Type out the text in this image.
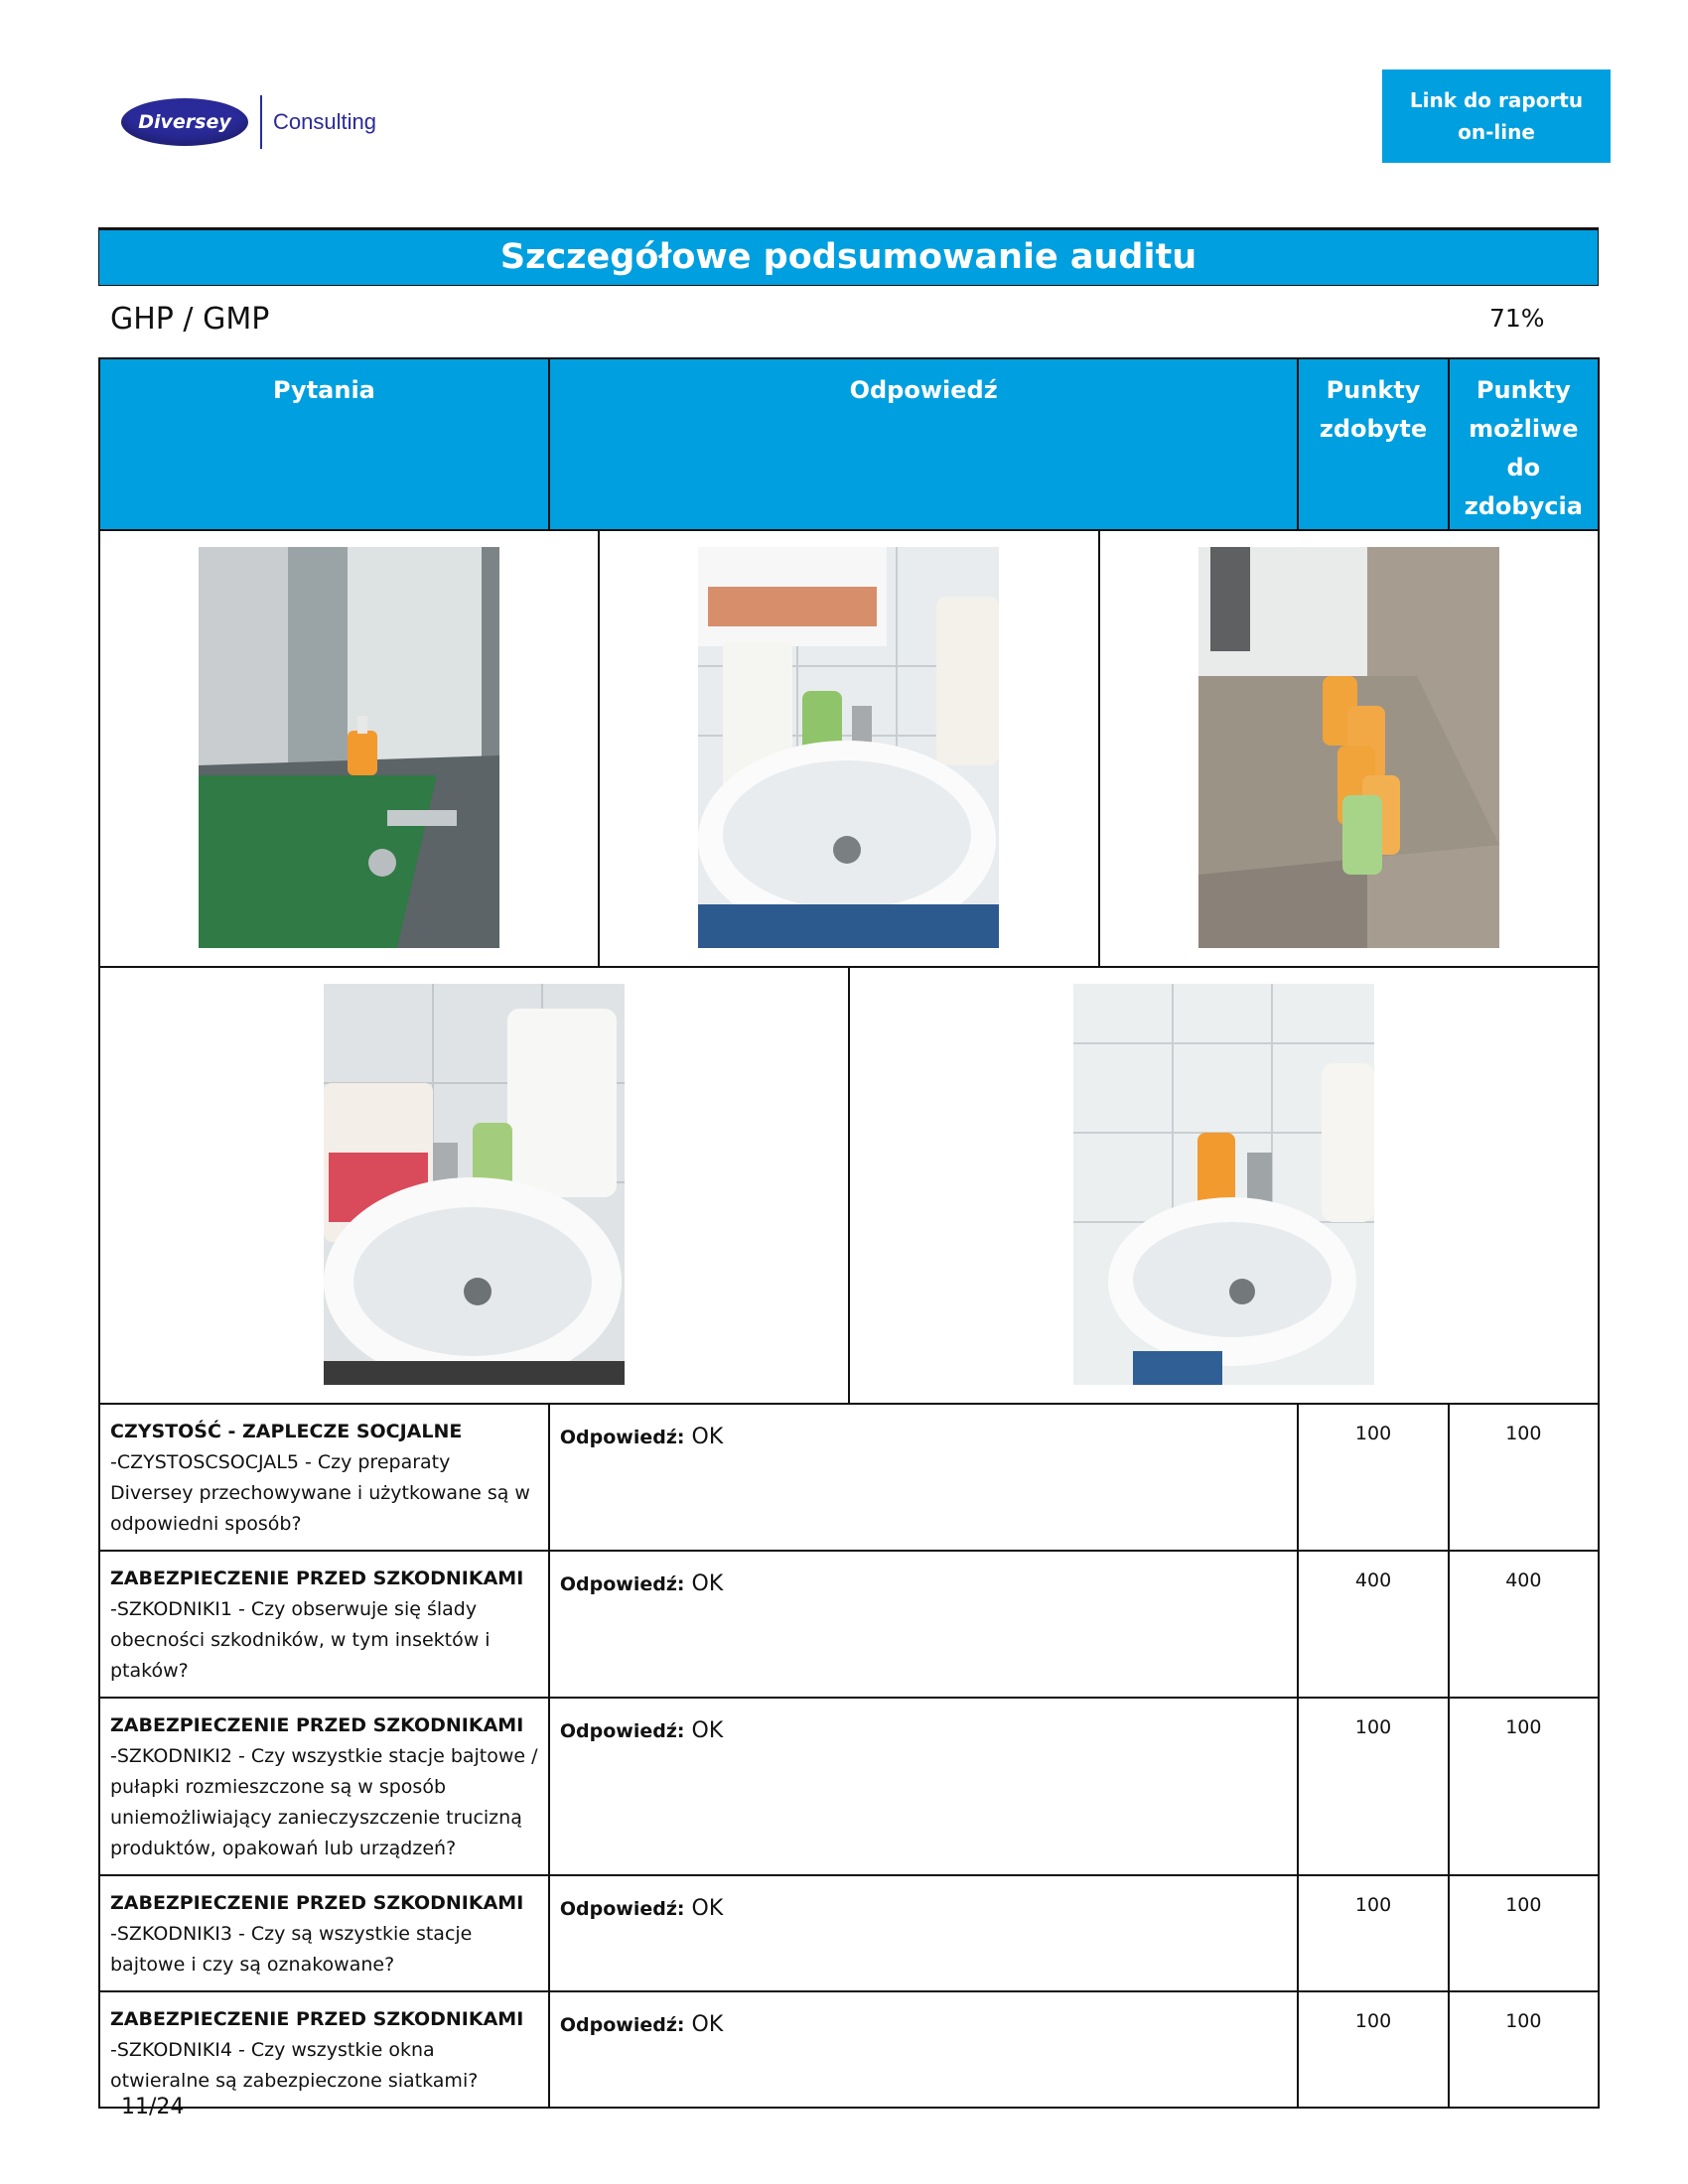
Diversey	Consulting
Link do raportu
on-line
Szczegółowe podsumowanie auditu
GHP / GMP	71%
Pytania	Odpowiedź	Punkty zdobyte	Punkty możliwe do zdobycia

CZYSTOŚĆ - ZAPLECZE SOCJALNE
-CZYSTOSCSOCJAL5 - Czy preparaty Diversey przechowywane i użytkowane są w odpowiedni sposób?	Odpowiedź: OK	100	100
ZABEZPIECZENIE PRZED SZKODNIKAMI
-SZKODNIKI1 - Czy obserwuje się ślady obecności szkodników, w tym insektów i ptaków?	Odpowiedź: OK	400	400
ZABEZPIECZENIE PRZED SZKODNIKAMI
-SZKODNIKI2 - Czy wszystkie stacje bajtowe / pułapki rozmieszczone są w sposób uniemożliwiający zanieczyszczenie trucizną produktów, opakowań lub urządzeń?	Odpowiedź: OK	100	100
ZABEZPIECZENIE PRZED SZKODNIKAMI
-SZKODNIKI3 - Czy są wszystkie stacje bajtowe i czy są oznakowane?	Odpowiedź: OK	100	100
ZABEZPIECZENIE PRZED SZKODNIKAMI
-SZKODNIKI4 - Czy wszystkie okna otwieralne są zabezpieczone siatkami?	Odpowiedź: OK	100	100
11/24
